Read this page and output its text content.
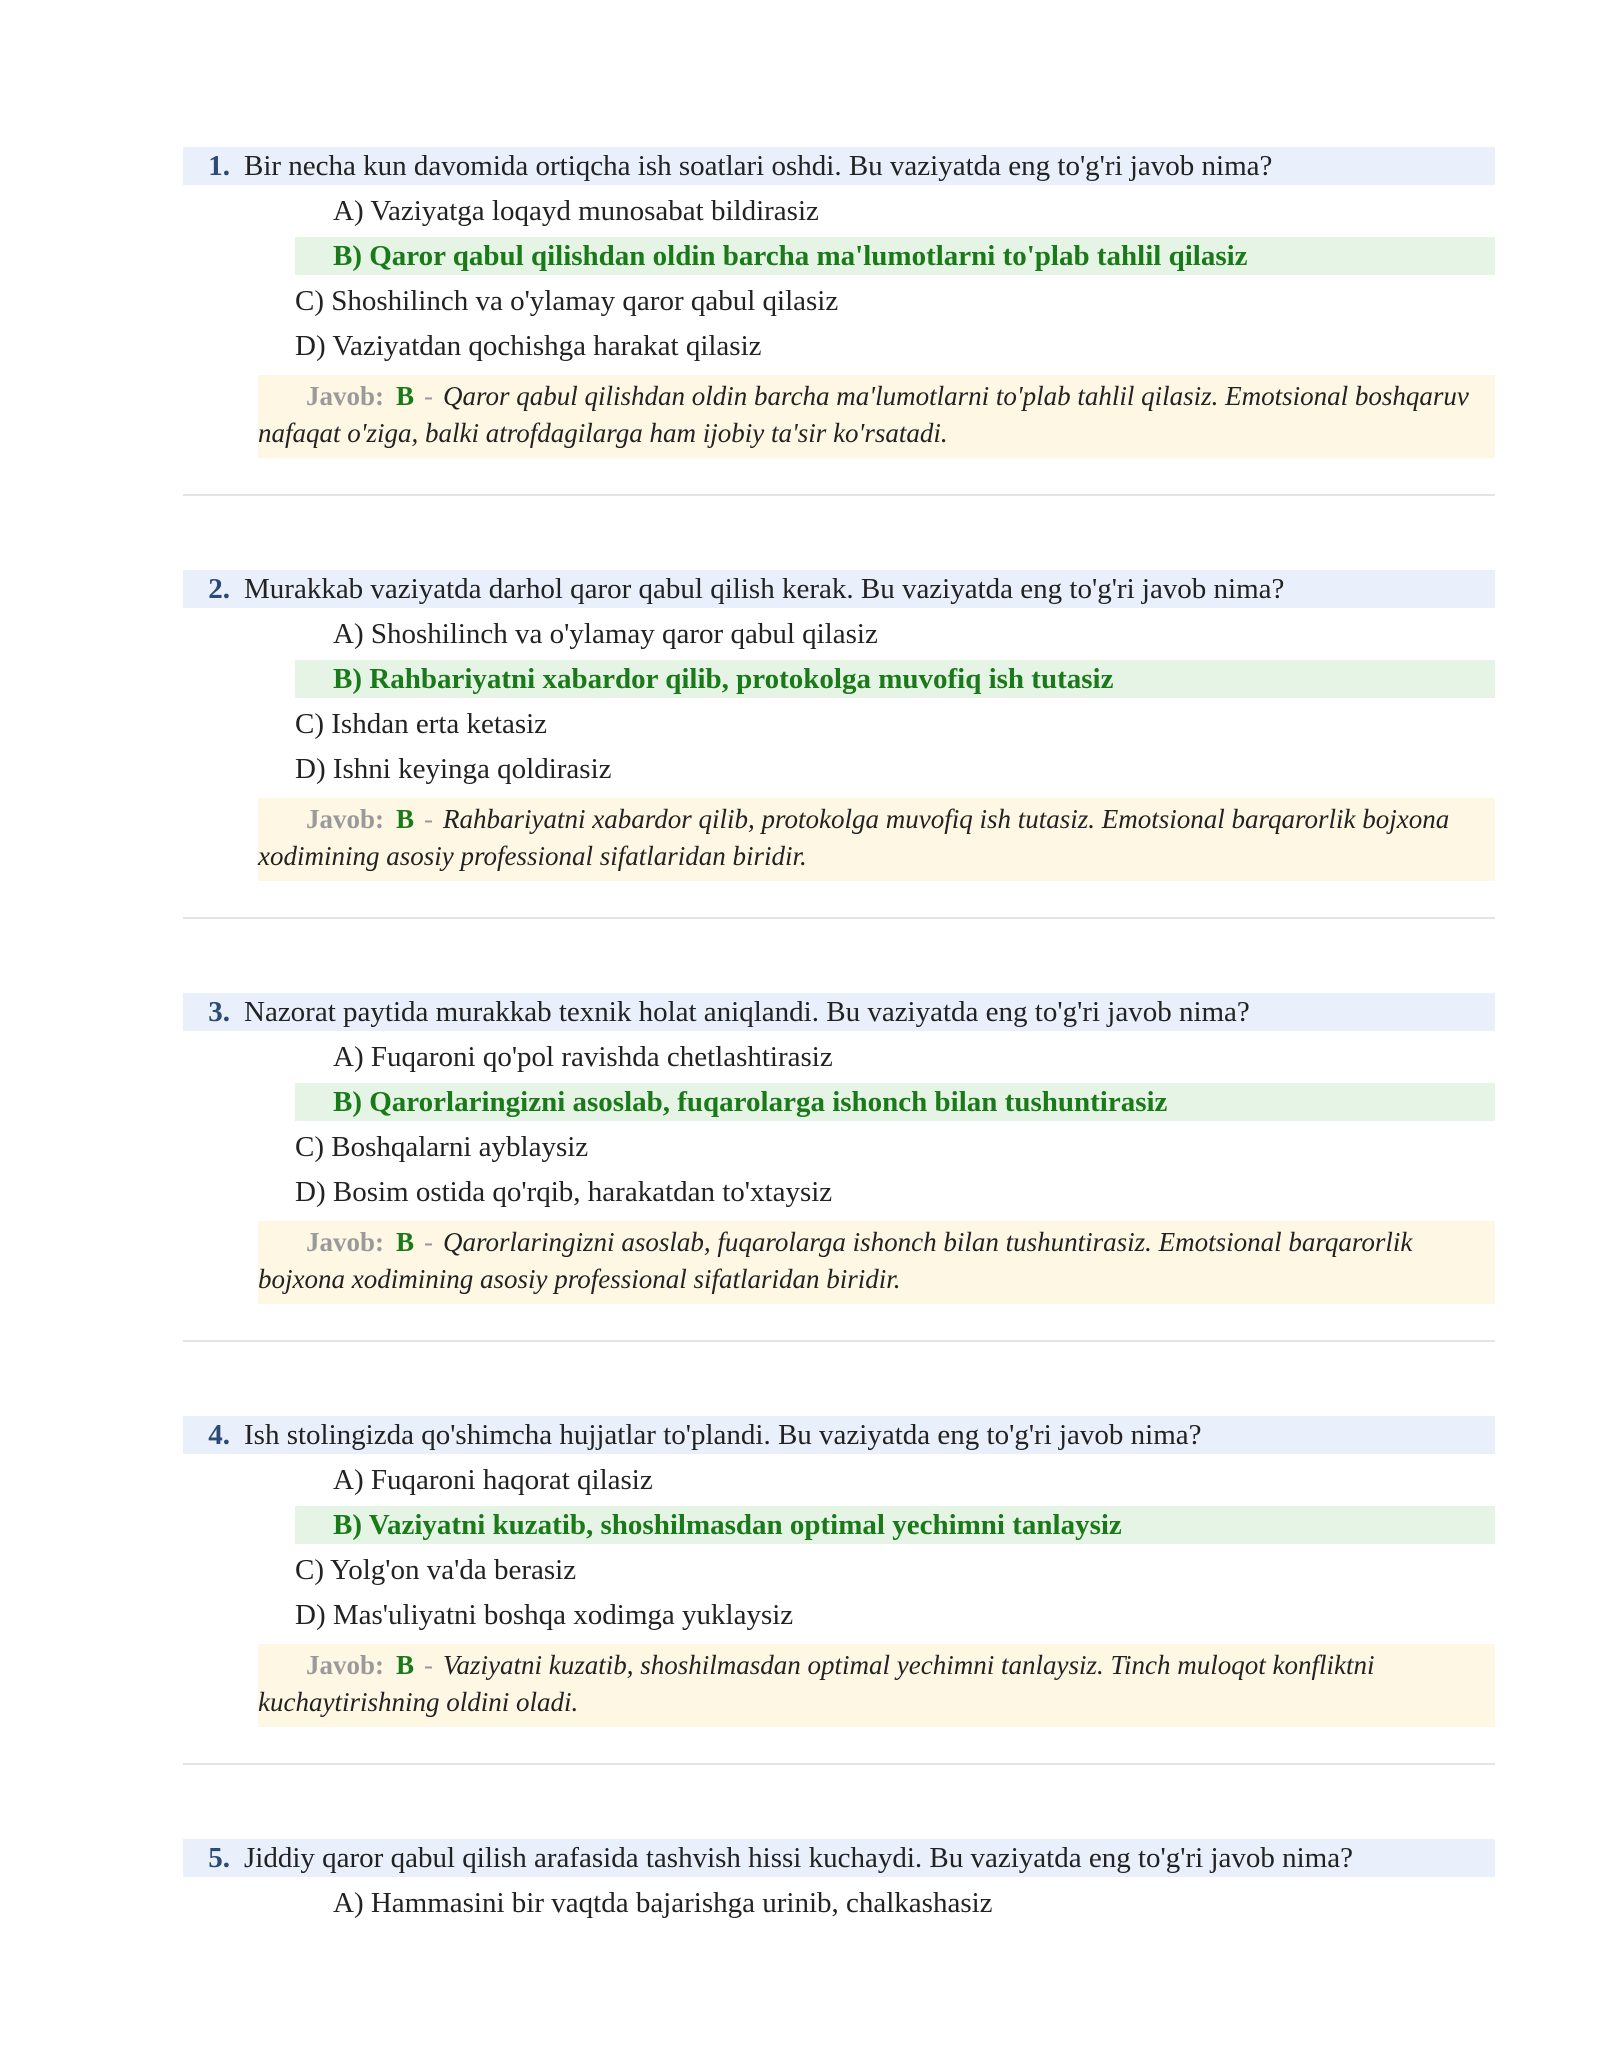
1. Bir necha kun davomida ortiqcha ish soatlari oshdi. Bu vaziyatda eng to'g'ri javob nima?
A) Vaziyatga loqayd munosabat bildirasiz
B) Qaror qabul qilishdan oldin barcha ma'lumotlarni to'plab tahlil qilasiz
C) Shoshilinch va o'ylamay qaror qabul qilasiz
D) Vaziyatdan qochishga harakat qilasiz
Javob: B - Qaror qabul qilishdan oldin barcha ma'lumotlarni to'plab tahlil qilasiz. Emotsional boshqaruv nafaqat o'ziga, balki atrofdagilarga ham ijobiy ta'sir ko'rsatadi.
2. Murakkab vaziyatda darhol qaror qabul qilish kerak. Bu vaziyatda eng to'g'ri javob nima?
A) Shoshilinch va o'ylamay qaror qabul qilasiz
B) Rahbariyatni xabardor qilib, protokolga muvofiq ish tutasiz
C) Ishdan erta ketasiz
D) Ishni keyinga qoldirasiz
Javob: B - Rahbariyatni xabardor qilib, protokolga muvofiq ish tutasiz. Emotsional barqarorlik bojxona xodimining asosiy professional sifatlaridan biridir.
3. Nazorat paytida murakkab texnik holat aniqlandi. Bu vaziyatda eng to'g'ri javob nima?
A) Fuqaroni qo'pol ravishda chetlashtirasiz
B) Qarorlaringizni asoslab, fuqarolarga ishonch bilan tushuntirasiz
C) Boshqalarni ayblaysiz
D) Bosim ostida qo'rqib, harakatdan to'xtaysiz
Javob: B - Qarorlaringizni asoslab, fuqarolarga ishonch bilan tushuntirasiz. Emotsional barqarorlik bojxona xodimining asosiy professional sifatlaridan biridir.
4. Ish stolingizda qo'shimcha hujjatlar to'plandi. Bu vaziyatda eng to'g'ri javob nima?
A) Fuqaroni haqorat qilasiz
B) Vaziyatni kuzatib, shoshilmasdan optimal yechimni tanlaysiz
C) Yolg'on va'da berasiz
D) Mas'uliyatni boshqa xodimga yuklaysiz
Javob: B - Vaziyatni kuzatib, shoshilmasdan optimal yechimni tanlaysiz. Tinch muloqot konfliktni kuchaytirishning oldini oladi.
5. Jiddiy qaror qabul qilish arafasida tashvish hissi kuchaydi. Bu vaziyatda eng to'g'ri javob nima?
A) Hammasini bir vaqtda bajarishga urinib, chalkashasiz
